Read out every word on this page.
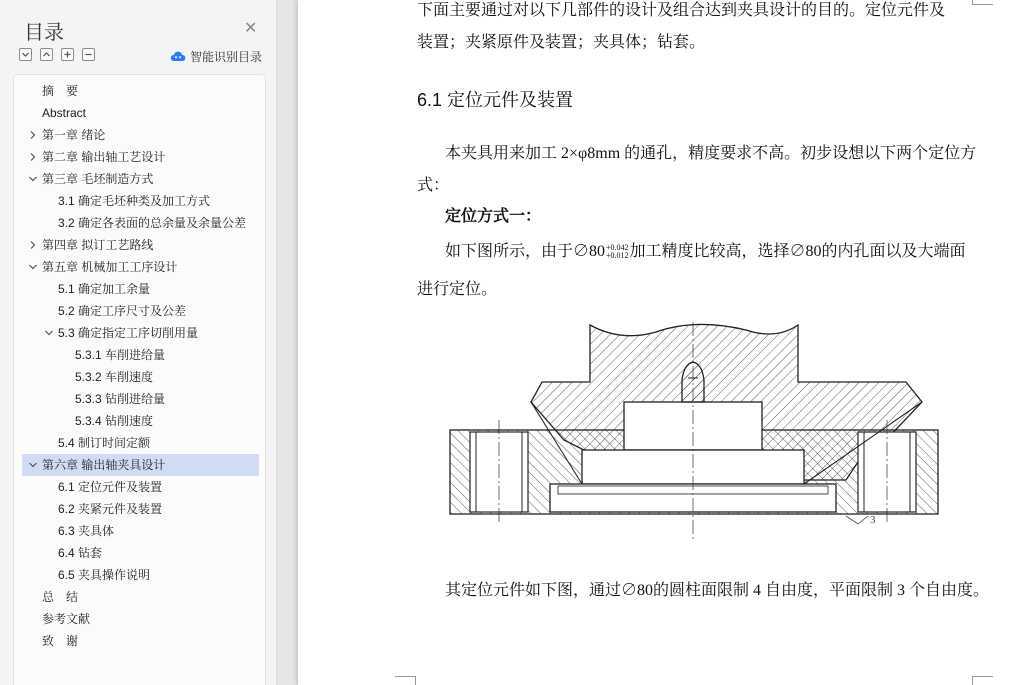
目录	✕
智能识别目录
摘　要
Abstract
第一章 绪论
第二章 输出轴工艺设计
第三章 毛坯制造方式
3.1 确定毛坯种类及加工方式
3.2 确定各表面的总余量及余量公差
第四章 拟订工艺路线
第五章 机械加工工序设计
5.1 确定加工余量
5.2 确定工序尺寸及公差
5.3 确定指定工序切削用量
5.3.1 车削进给量
5.3.2 车削速度
5.3.3 钻削进给量
5.3.4 钻削速度
5.4 制订时间定额
第六章 输出轴夹具设计
6.1 定位元件及装置
6.2 夹紧元件及装置
6.3 夹具体
6.4 钻套
6.5 夹具操作说明
总　结
参考文献
致　谢
下面主要通过对以下几部件的设计及组合达到夹具设计的目的。定位元件及
装置；夹紧原件及装置；夹具体；钻套。
6.1 定位元件及装置
本夹具用来加工 2×φ8mm 的通孔，精度要求不高。初步设想以下两个定位方
式：
定位方式一：
如下图所示，由于∅80 +0.042
+0.012 加工精度比较高，选择∅80的内孔面以及大端面
进行定位。
3
其定位元件如下图，通过∅80的圆柱面限制 4 自由度，平面限制 3 个自由度。
